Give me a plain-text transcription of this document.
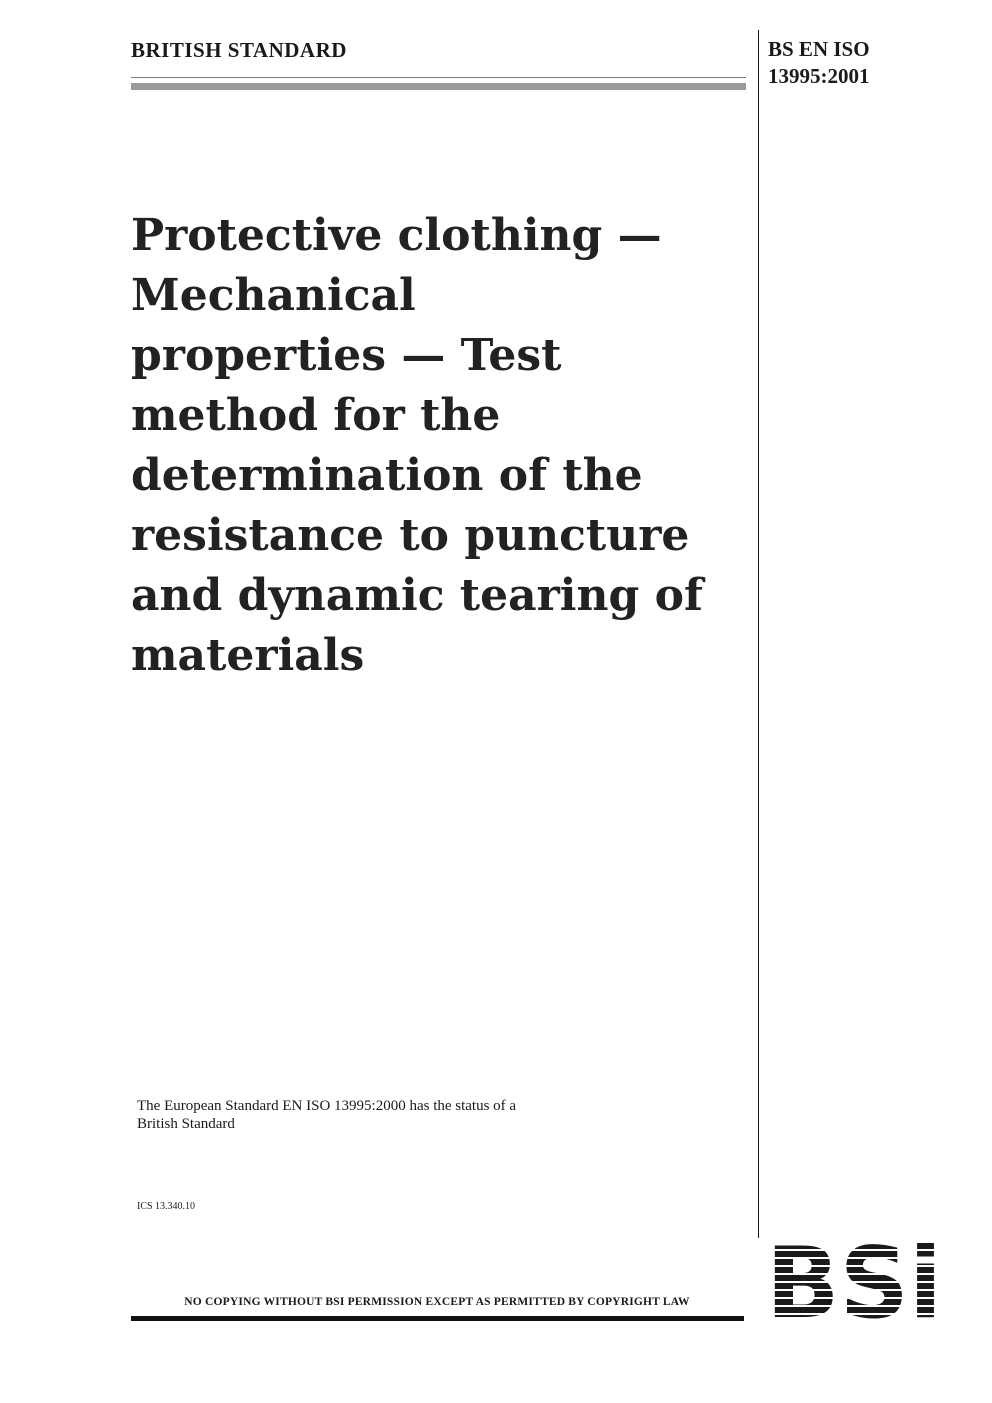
BRITISH STANDARD	BS EN ISO
13995:2001
Protective clothing —
Mechanical
properties — Test
method for the
determination of the
resistance to puncture
and dynamic tearing of
materials
The European Standard EN ISO 13995:2000 has the status of a
British Standard
ICS 13.340.10
NO COPYING WITHOUT BSI PERMISSION EXCEPT AS PERMITTED BY COPYRIGHT LAW BSi
